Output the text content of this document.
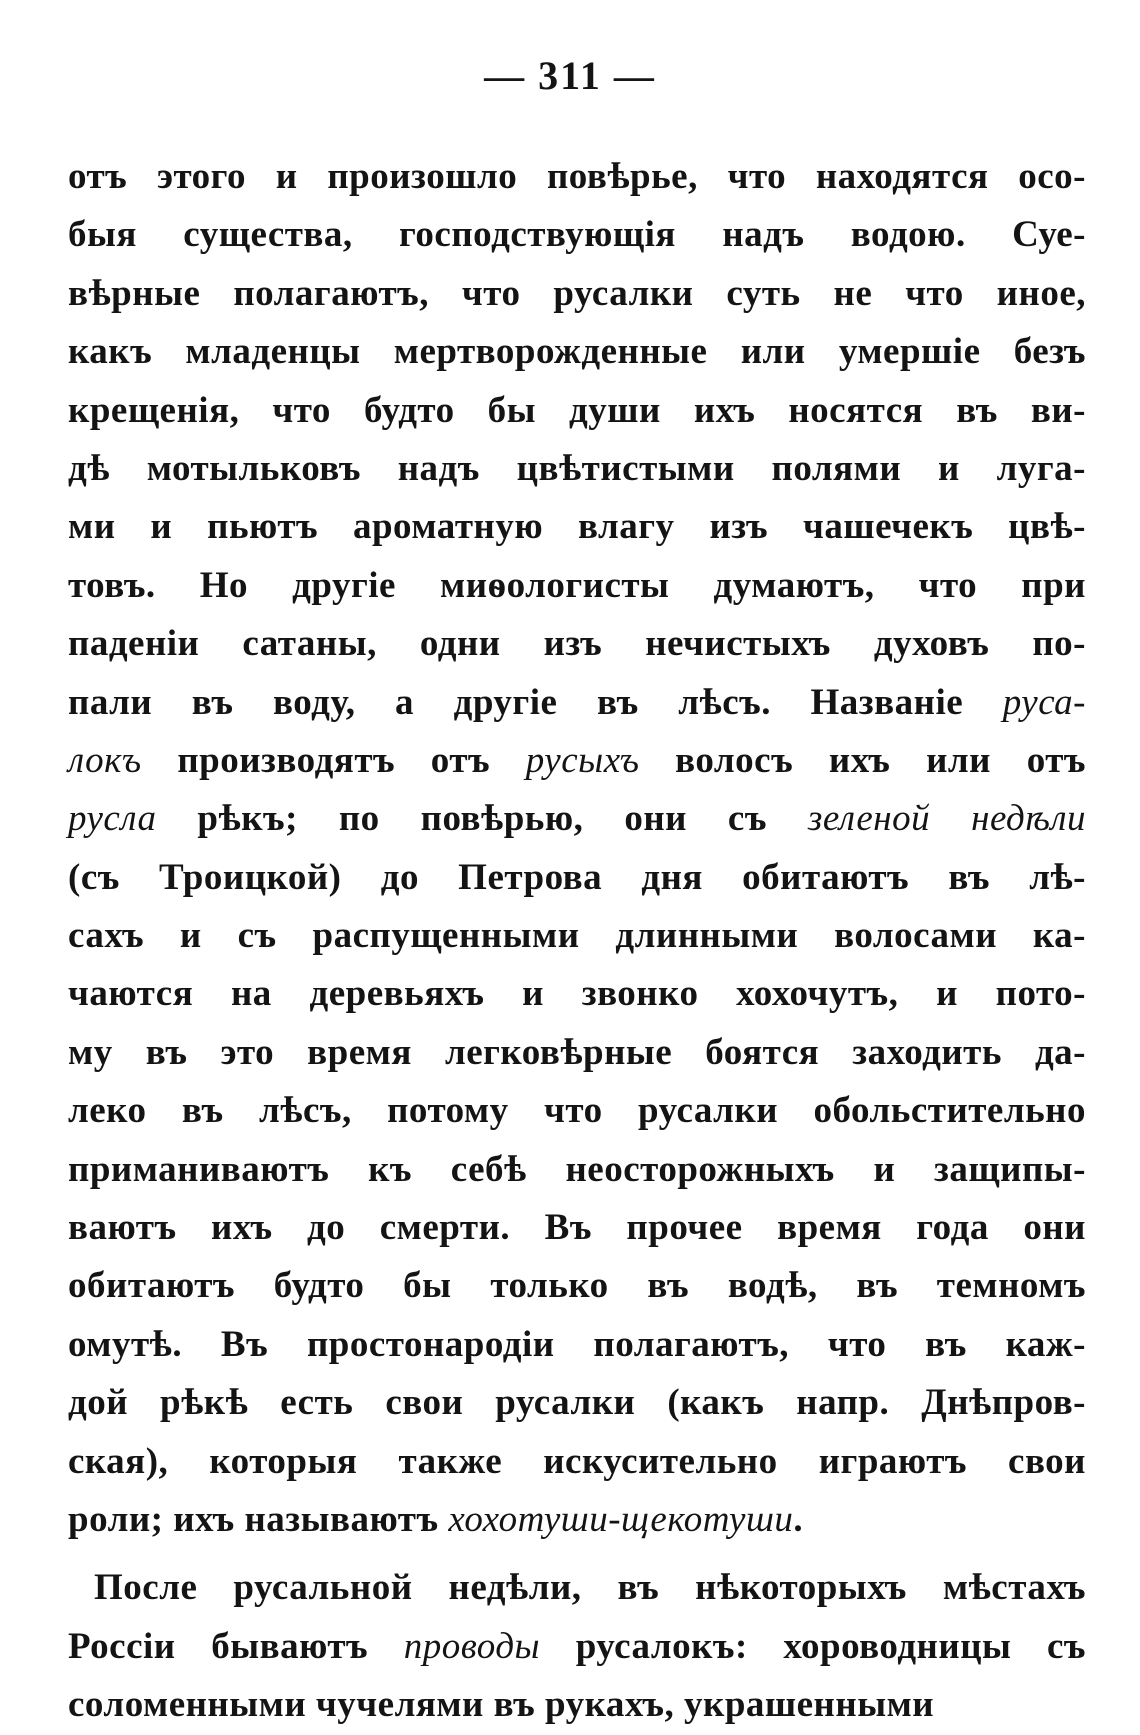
— 311 —
отъ этого и произошло повѣрье, что находятся осо-
быя существа, господствующія надъ водою. Суе-
вѣрные полагаютъ, что русалки суть не что иное,
какъ младенцы мертворожденные или умершіе безъ
крещенія, что будто бы души ихъ носятся въ ви-
дѣ мотыльковъ надъ цвѣтистыми полями и луга-
ми и пьютъ ароматную влагу изъ чашечекъ цвѣ-
товъ. Но другіе миѳологисты думаютъ, что при
паденіи сатаны, одни изъ нечистыхъ духовъ по-
пали въ воду, а другіе въ лѣсъ. Названіе руса-
локъ производятъ отъ русыхъ волосъ ихъ или отъ
русла рѣкъ; по повѣрью, они съ зеленой недѣли
(съ Троицкой) до Петрова дня обитаютъ въ лѣ-
сахъ и съ распущенными длинными волосами ка-
чаются на деревьяхъ и звонко хохочутъ, и пото-
му въ это время легковѣрные боятся заходить да-
леко въ лѣсъ, потому что русалки обольстительно
приманиваютъ къ себѣ неосторожныхъ и защипы-
ваютъ ихъ до смерти. Въ прочее время года они
обитаютъ будто бы только въ водѣ, въ темномъ
омутѣ. Въ простонародіи полагаютъ, что въ каж-
дой рѣкѣ есть свои русалки (какъ напр. Днѣпров-
ская), которыя также искусительно играютъ свои
роли; ихъ называютъ хохотуши-щекотуши.
После русальной недѣли, въ нѣкоторыхъ мѣстахъ
Россіи бываютъ проводы русалокъ: хороводницы съ
соломенными чучелями въ рукахъ, украшенными
